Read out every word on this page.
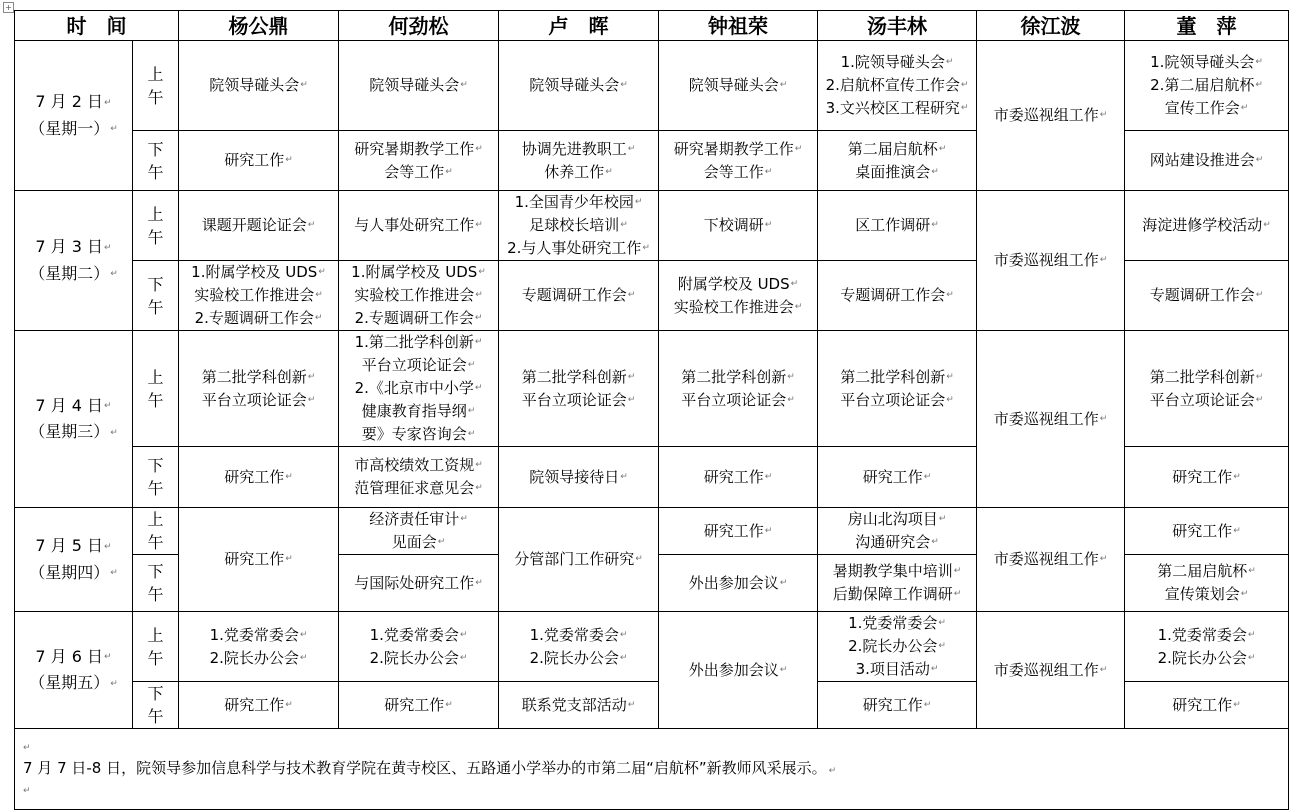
+
时　间		杨公鼎	何劲松	卢　晖	钟祖荣	汤丰林	徐江波	董　萍

7 月 2 日 ↵
（星期一） ↵	上
午	院领导碰头会 ↵	院领导碰头会 ↵	院领导碰头会 ↵	院领导碰头会 ↵	1.院领导碰头会 ↵
2.启航杯宣传工作会 ↵
3.文兴校区工程研究 ↵	市委巡视组工作 ↵	1.院领导碰头会 ↵
2.第二届启航杯 ↵
宣传工作会 ↵

	下
午	研究工作 ↵	研究暑期教学工作 ↵
会等工作 ↵	协调先进教职工 ↵
休养工作 ↵	研究暑期教学工作 ↵
会等工作 ↵	第二届启航杯 ↵
桌面推演会 ↵		网站建设推进会 ↵

7 月 3 日 ↵
（星期二） ↵	上
午	课题开题论证会 ↵	与人事处研究工作 ↵	1.全国青少年校园 ↵
足球校长培训 ↵
2.与人事处研究工作 ↵	下校调研 ↵	区工作调研 ↵	市委巡视组工作 ↵	海淀进修学校活动 ↵

	下
午	1.附属学校及 UDS ↵
实验校工作推进会 ↵
2.专题调研工作会 ↵	1.附属学校及 UDS ↵
实验校工作推进会 ↵
2.专题调研工作会 ↵	专题调研工作会 ↵	附属学校及 UDS ↵
实验校工作推进会 ↵	专题调研工作会 ↵		专题调研工作会 ↵

7 月 4 日 ↵
（星期三） ↵	上
午	第二批学科创新 ↵
平台立项论证会 ↵	1.第二批学科创新 ↵
平台立项论证会 ↵
2.《北京市中小学 ↵
健康教育指导纲 ↵
要》专家咨询会 ↵	第二批学科创新 ↵
平台立项论证会 ↵	第二批学科创新 ↵
平台立项论证会 ↵	第二批学科创新 ↵
平台立项论证会 ↵	市委巡视组工作 ↵	第二批学科创新 ↵
平台立项论证会 ↵

	下
午	研究工作 ↵	市高校绩效工资规 ↵
范管理征求意见会 ↵	院领导接待日 ↵	研究工作 ↵	研究工作 ↵		研究工作 ↵

7 月 5 日 ↵
（星期四） ↵	上
午	研究工作 ↵	经济责任审计 ↵
见面会 ↵	分管部门工作研究 ↵	研究工作 ↵	房山北沟项目 ↵
沟通研究会 ↵	市委巡视组工作 ↵	研究工作 ↵

	下
午		与国际处研究工作 ↵		外出参加会议 ↵	暑期教学集中培训 ↵
后勤保障工作调研 ↵		第二届启航杯 ↵
宣传策划会 ↵

7 月 6 日 ↵
（星期五） ↵	上
午	1.党委常委会 ↵
2.院长办公会 ↵	1.党委常委会 ↵
2.院长办公会 ↵	1.党委常委会 ↵
2.院长办公会 ↵	外出参加会议 ↵	1.党委常委会 ↵
2.院长办公会 ↵
3.项目活动 ↵	市委巡视组工作 ↵	1.党委常委会 ↵
2.院长办公会 ↵

	下
午	研究工作 ↵	研究工作 ↵	联系党支部活动 ↵		研究工作 ↵		研究工作 ↵

↵
7 月 7 日-8 日，院领导参加信息科学与技术教育学院在黄寺校区、五路通小学举办的市第二届“启航杯”新教师风采展示。 ↵
↵
